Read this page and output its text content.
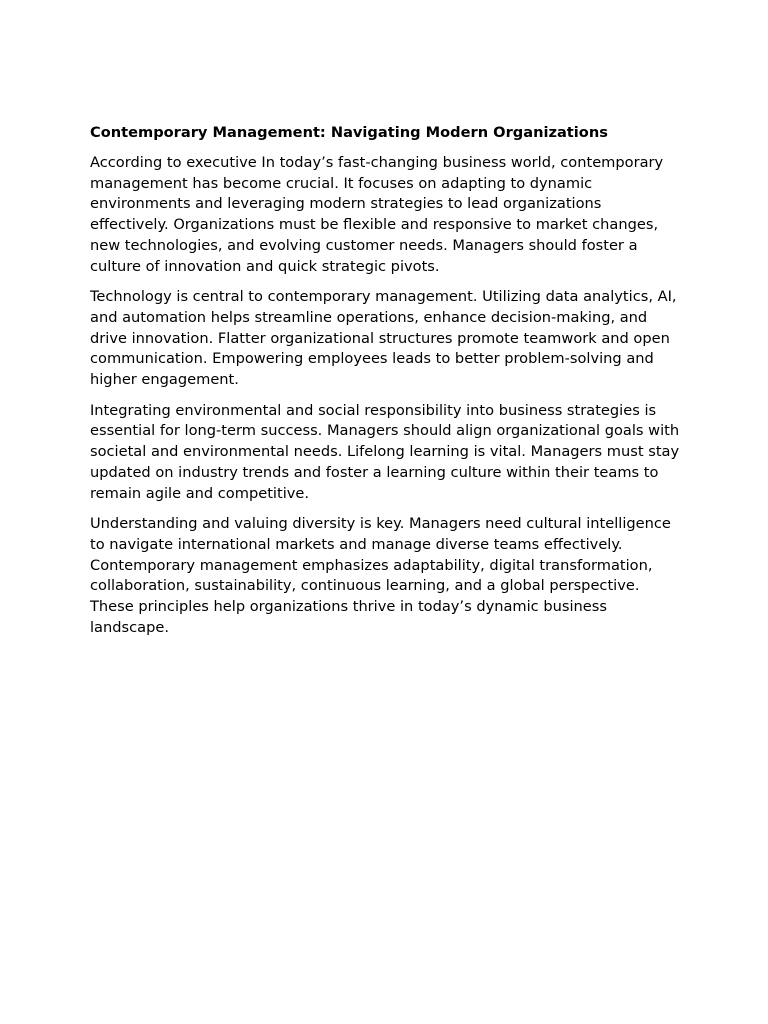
Contemporary Management: Navigating Modern Organizations

According to executive In today’s fast-changing business world, contemporary management has become crucial. It focuses on adapting to dynamic environments and leveraging modern strategies to lead organizations effectively. Organizations must be flexible and responsive to market changes, new technologies, and evolving customer needs. Managers should foster a culture of innovation and quick strategic pivots.

Technology is central to contemporary management. Utilizing data analytics, AI, and automation helps streamline operations, enhance decision-making, and drive innovation. Flatter organizational structures promote teamwork and open communication. Empowering employees leads to better problem-solving and higher engagement.

Integrating environmental and social responsibility into business strategies is essential for long-term success. Managers should align organizational goals with societal and environmental needs. Lifelong learning is vital. Managers must stay updated on industry trends and foster a learning culture within their teams to remain agile and competitive.

Understanding and valuing diversity is key. Managers need cultural intelligence to navigate international markets and manage diverse teams effectively. Contemporary management emphasizes adaptability, digital transformation, collaboration, sustainability, continuous learning, and a global perspective. These principles help organizations thrive in today’s dynamic business landscape.
